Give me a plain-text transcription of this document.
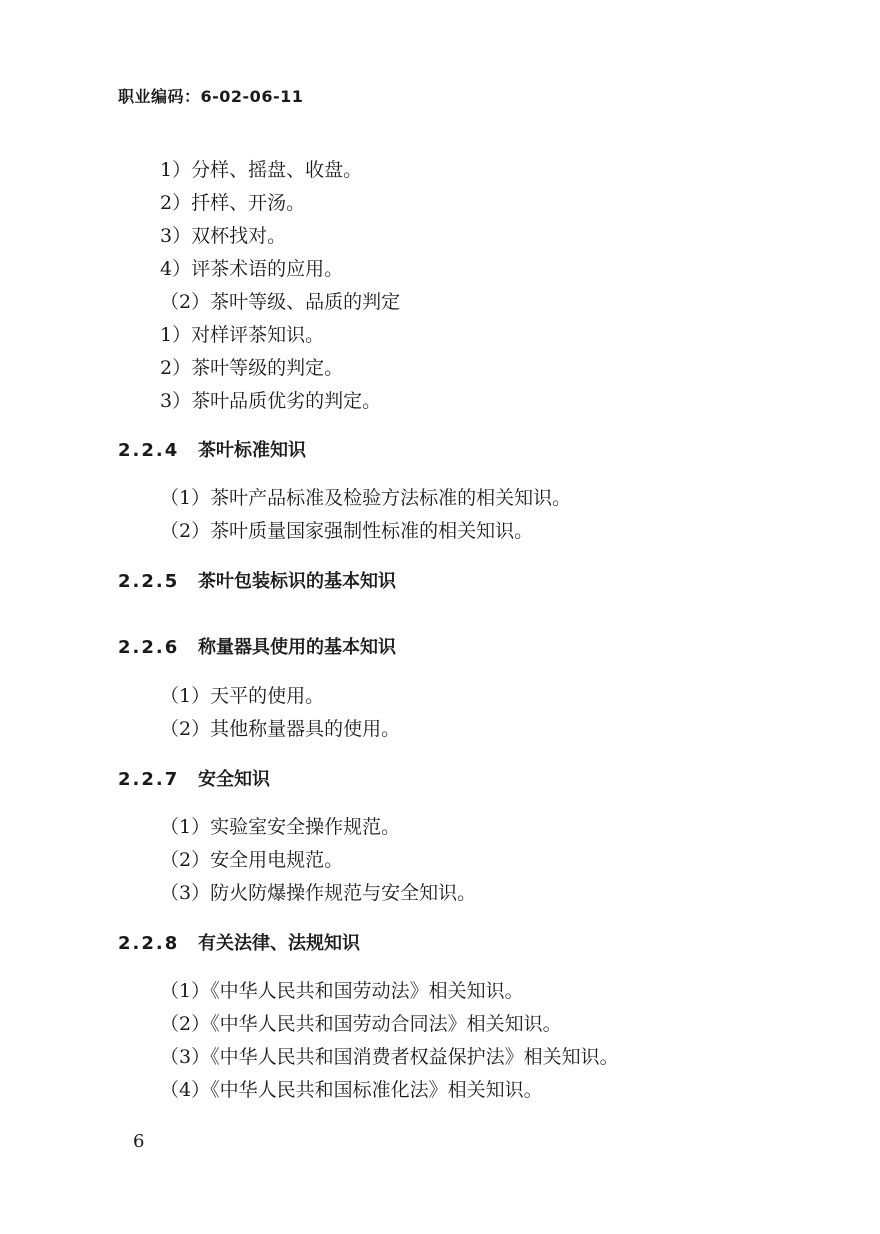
职业编码：6-02-06-11
1）分样、摇盘、收盘。
2）扦样、开汤。
3）双杯找对。
4）评茶术语的应用。
（2）茶叶等级、品质的判定
1）对样评茶知识。
2）茶叶等级的判定。
3）茶叶品质优劣的判定。
2.2.4 茶叶标准知识
（1）茶叶产品标准及检验方法标准的相关知识。
（2）茶叶质量国家强制性标准的相关知识。
2.2.5 茶叶包装标识的基本知识
2.2.6 称量器具使用的基本知识
（1）天平的使用。
（2）其他称量器具的使用。
2.2.7 安全知识
（1）实验室安全操作规范。
（2）安全用电规范。
（3）防火防爆操作规范与安全知识。
2.2.8 有关法律、法规知识
（1）《中华人民共和国劳动法》相关知识。
（2）《中华人民共和国劳动合同法》相关知识。
（3）《中华人民共和国消费者权益保护法》相关知识。
（4）《中华人民共和国标准化法》相关知识。
6
